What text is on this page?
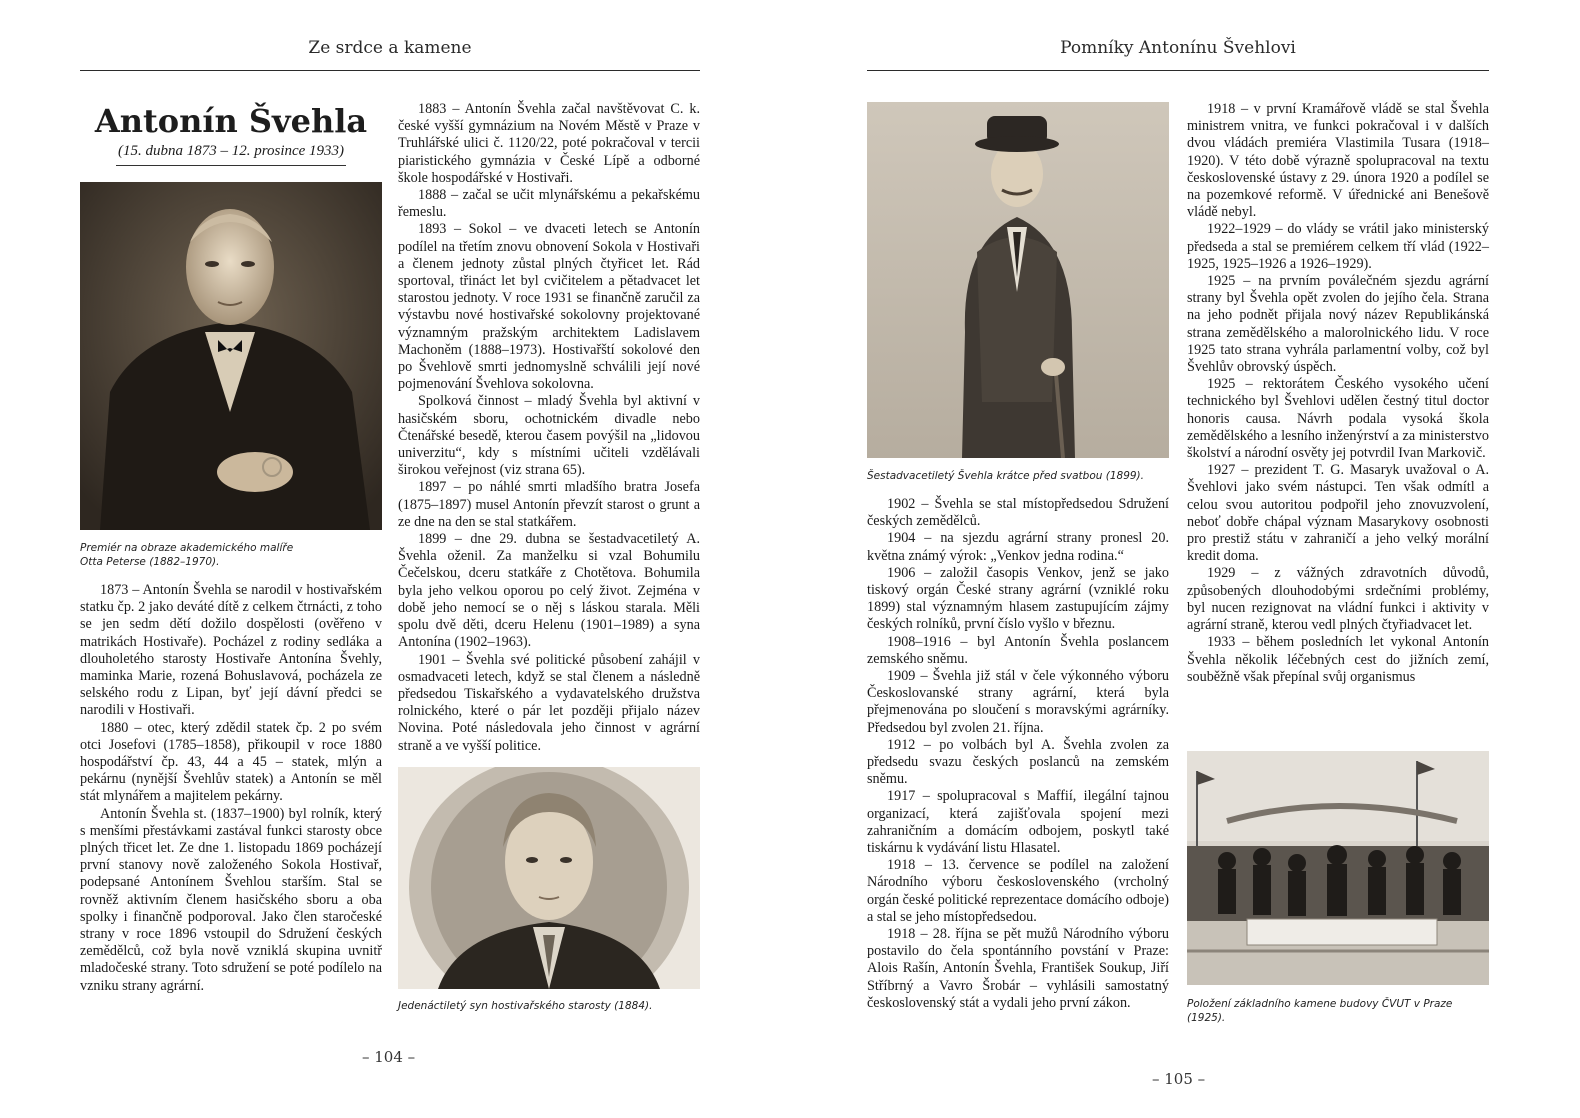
Ze srdce a kamene
Antonín Švehla
(15. dubna 1873 – 12. prosince 1933)
Premiér na obraze akademického malíře
Otta Peterse (1882–1970).

1873 – Antonín Švehla se narodil v hostivařském statku čp. 2 jako deváté dítě z celkem čtrnácti, z toho se jen sedm dětí dožilo dospělosti (ověřeno v matrikách Hostivaře). Pocházel z rodiny sedláka a dlouholetého starosty Hostivaře Antonína Švehly, maminka Marie, rozená Bohuslavová, pocházela ze selského rodu z Lipan, byť její dávní předci se narodili v Hostivaři.

1880 – otec, který zdědil statek čp. 2 po svém otci Josefovi (1785–1858), přikoupil v roce 1880 hospodářství čp. 43, 44 a 45 – statek, mlýn a pekárnu (nynější Švehlův statek) a Antonín se měl stát mlynářem a majitelem pekárny.

Antonín Švehla st. (1837–1900) byl rolník, který s menšími přestávkami zastával funkci starosty obce plných třicet let. Ze dne 1. listopadu 1869 pocházejí první stanovy nově založeného Sokola Hostivař, podepsané Antonínem Švehlou starším. Stal se rovněž aktivním členem hasičského sboru a oba spolky i finančně podporoval. Jako člen staročeské strany v roce 1896 vstoupil do Sdružení českých zemědělců, což byla nově vzniklá skupina uvnitř mladočeské strany. Toto sdružení se poté podílelo na vzniku strany agrární.

1883 – Antonín Švehla začal navštěvovat C. k. české vyšší gymnázium na Novém Městě v Praze v Truhlářské ulici č. 1120/22, poté pokračoval v tercii piaristického gymnázia v České Lípě a odborné škole hospodářské v Hostivaři.

1888 – začal se učit mlynářskému a pekařskému řemeslu.

1893 – Sokol – ve dvaceti letech se Antonín podílel na třetím znovu obnovení Sokola v Hostivaři a členem jednoty zůstal plných čtyřicet let. Rád sportoval, třináct let byl cvičitelem a pětadvacet let starostou jednoty. V roce 1931 se finančně zaručil za výstavbu nové hostivařské sokolovny projektované významným pražským architektem Ladislavem Machoněm (1888–1973). Hostivařští sokolové den po Švehlově smrti jednomyslně schválili její nové pojmenování Švehlova sokolovna.

Spolková činnost – mladý Švehla byl aktivní v hasičském sboru, ochotnickém divadle nebo Čtenářské besedě, kterou časem povýšil na „lidovou univerzitu“, kdy s místními učiteli vzdělávali širokou veřejnost (viz strana 65).

1897 – po náhlé smrti mladšího bratra Josefa (1875–1897) musel Antonín převzít starost o grunt a ze dne na den se stal statkářem.

1899 – dne 29. dubna se šestadvacetiletý A. Švehla oženil. Za manželku si vzal Bohumilu Čečelskou, dceru statkáře z Chotětova. Bohumila byla jeho velkou oporou po celý život. Zejména v době jeho nemocí se o něj s láskou starala. Měli spolu dvě děti, dceru Helenu (1901–1989) a syna Antonína (1902–1963).

1901 – Švehla své politické působení zahájil v osmadvaceti letech, když se stal členem a následně předsedou Tiskařského a vydavatelského družstva rolnického, které o pár let později přijalo název Novina. Poté následovala jeho činnost v agrární straně a ve vyšší politice.

Jedenáctiletý syn hostivařského starosty (1884).
– 104 –
Pomníky Antonínu Švehlovi
Šestadvacetiletý Švehla krátce před svatbou (1899).

1902 – Švehla se stal místopředsedou Sdružení českých zemědělců.

1904 – na sjezdu agrární strany pronesl 20. května známý výrok: „Venkov jedna rodina.“

1906 – založil časopis Venkov, jenž se jako tiskový orgán České strany agrární (vzniklé roku 1899) stal významným hlasem zastupujícím zájmy českých rolníků, první číslo vyšlo v březnu.

1908–1916 – byl Antonín Švehla poslancem zemského sněmu.

1909 – Švehla již stál v čele výkonného výboru Českoslovanské strany agrární, která byla přejmenována po sloučení s moravskými agrárníky. Předsedou byl zvolen 21. října.

1912 – po volbách byl A. Švehla zvolen za předsedu svazu českých poslanců na zemském sněmu.

1917 – spolupracoval s Maffií, ilegální tajnou organizací, která zajišťovala spojení mezi zahraničním a domácím odbojem, poskytl také tiskárnu k vydávání listu Hlasatel.

1918 – 13. července se podílel na založení Národního výboru československého (vrcholný orgán české politické reprezentace domácího odboje) a stal se jeho místopředsedou.

1918 – 28. října se pět mužů Národního výboru postavilo do čela spontánního povstání v Praze: Alois Rašín, Antonín Švehla, František Soukup, Jiří Stříbrný a Vavro Šrobár – vyhlásili samostatný československý stát a vydali jeho první zákon.

1918 – v první Kramářově vládě se stal Švehla ministrem vnitra, ve funkci pokračoval i v dalších dvou vládách premiéra Vlastimila Tusara (1918–1920). V této době výrazně spolupracoval na textu československé ústavy z 29. února 1920 a podílel se na pozemkové reformě. V úřednické ani Benešově vládě nebyl.

1922–1929 – do vlády se vrátil jako ministerský předseda a stal se premiérem celkem tří vlád (1922–1925, 1925–1926 a 1926–1929).

1925 – na prvním poválečném sjezdu agrární strany byl Švehla opět zvolen do jejího čela. Strana na jeho podnět přijala nový název Republikánská strana zemědělského a malorolnického lidu. V roce 1925 tato strana vyhrála parlamentní volby, což byl Švehlův obrovský úspěch.

1925 – rektorátem Českého vysokého učení technického byl Švehlovi udělen čestný titul doctor honoris causa. Návrh podala vysoká škola zemědělského a lesního inženýrství a za ministerstvo školství a národní osvěty jej potvrdil Ivan Markovič.

1927 – prezident T. G. Masaryk uvažoval o A. Švehlovi jako svém nástupci. Ten však odmítl a celou svou autoritou podpořil jeho znovuzvolení, neboť dobře chápal význam Masarykovy osobnosti pro prestiž státu v zahraničí a jeho velký morální kredit doma.

1929 – z vážných zdravotních důvodů, způsobených dlouhodobými srdečními problémy, byl nucen rezignovat na vládní funkci i aktivity v agrární straně, kterou vedl plných čtyřiadvacet let.

1933 – během posledních let vykonal Antonín Švehla několik léčebných cest do jižních zemí, souběžně však přepínal svůj organismus

Položení základního kamene budovy ČVUT v Praze (1925).
– 105 –
